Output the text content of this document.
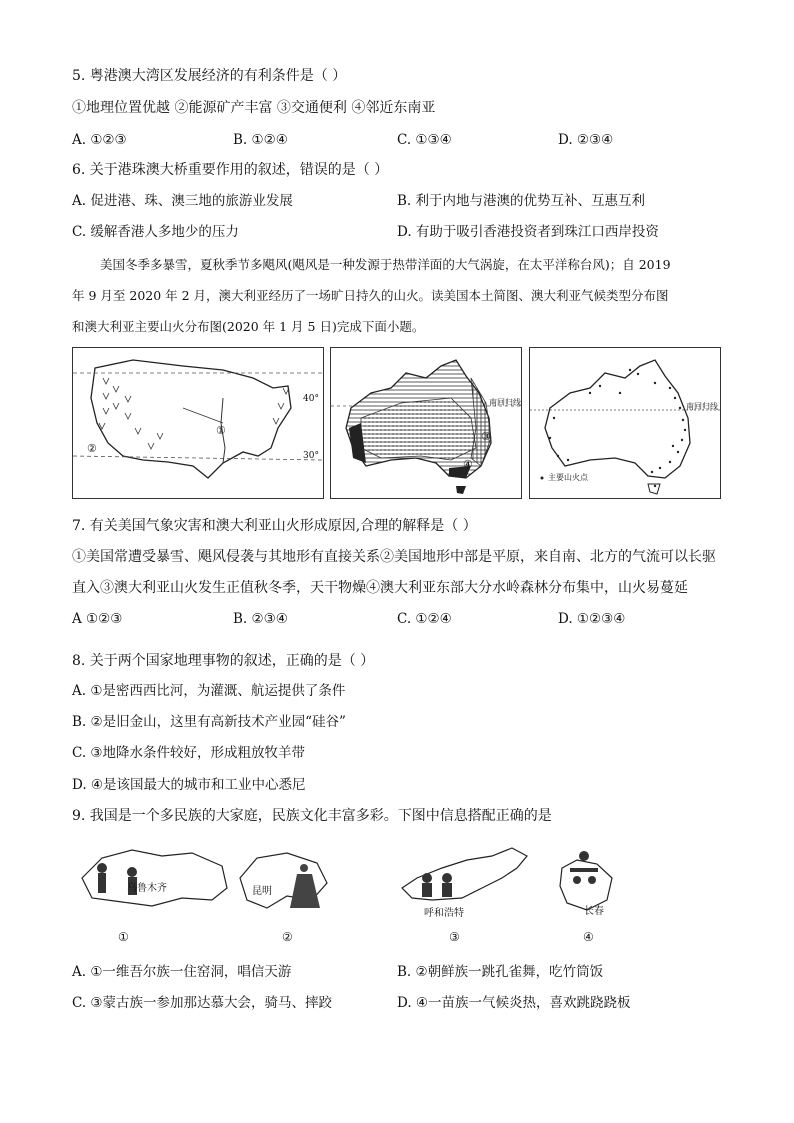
5. 粤港澳大湾区发展经济的有利条件是（ ）
①地理位置优越 ②能源矿产丰富 ③交通便利 ④邻近东南亚
A. ①②③	B. ①②④	C. ①③④	D. ②③④
6. 关于港珠澳大桥重要作用的叙述，错误的是（ ）
A. 促进港、珠、澳三地的旅游业发展	B. 利于内地与港澳的优势互补、互惠互利
C. 缓解香港人多地少的压力	D. 有助于吸引香港投资者到珠江口西岸投资
美国冬季多暴雪，夏秋季节多飓风(飓风是一种发源于热带洋面的大气涡旋，在太平洋称台风)；自 2019
年 9 月至 2020 年 2 月，澳大利亚经历了一场旷日持久的山火。读美国本土简图、澳大利亚气候类型分布图
和澳大利亚主要山火分布图(2020 年 1 月 5 日)完成下面小题。
①
②
40°
30°
南回归线
③
④
南回归线
主要山火点
7. 有关美国气象灾害和澳大利亚山火形成原因,合理的解释是（ ）
①美国常遭受暴雪、飓风侵袭与其地形有直接关系②美国地形中部是平原，来自南、北方的气流可以长驱
直入③澳大利亚山火发生正值秋冬季，天干物燥④澳大利亚东部大分水岭森林分布集中，山火易蔓延
A ①②③	B. ②③④	C. ①②④	D. ①②③④
8. 关于两个国家地理事物的叙述，正确的是（ ）
A. ①是密西西比河，为灌溉、航运提供了条件
B. ②是旧金山，这里有高新技术产业园“硅谷”
C. ③地降水条件较好，形成粗放牧羊带
D. ④是该国最大的城市和工业中心悉尼
9. 我国是一个多民族的大家庭，民族文化丰富多彩。下图中信息搭配正确的是
乌鲁木齐	昆明
呼和浩特	长春
①	②	③	④
A. ①一维吾尔族一住窑洞，唱信天游	B. ②朝鲜族一跳孔雀舞，吃竹筒饭
C. ③蒙古族一参加那达慕大会，骑马、摔跤	D. ④一苗族一气候炎热，喜欢跳跷跷板
